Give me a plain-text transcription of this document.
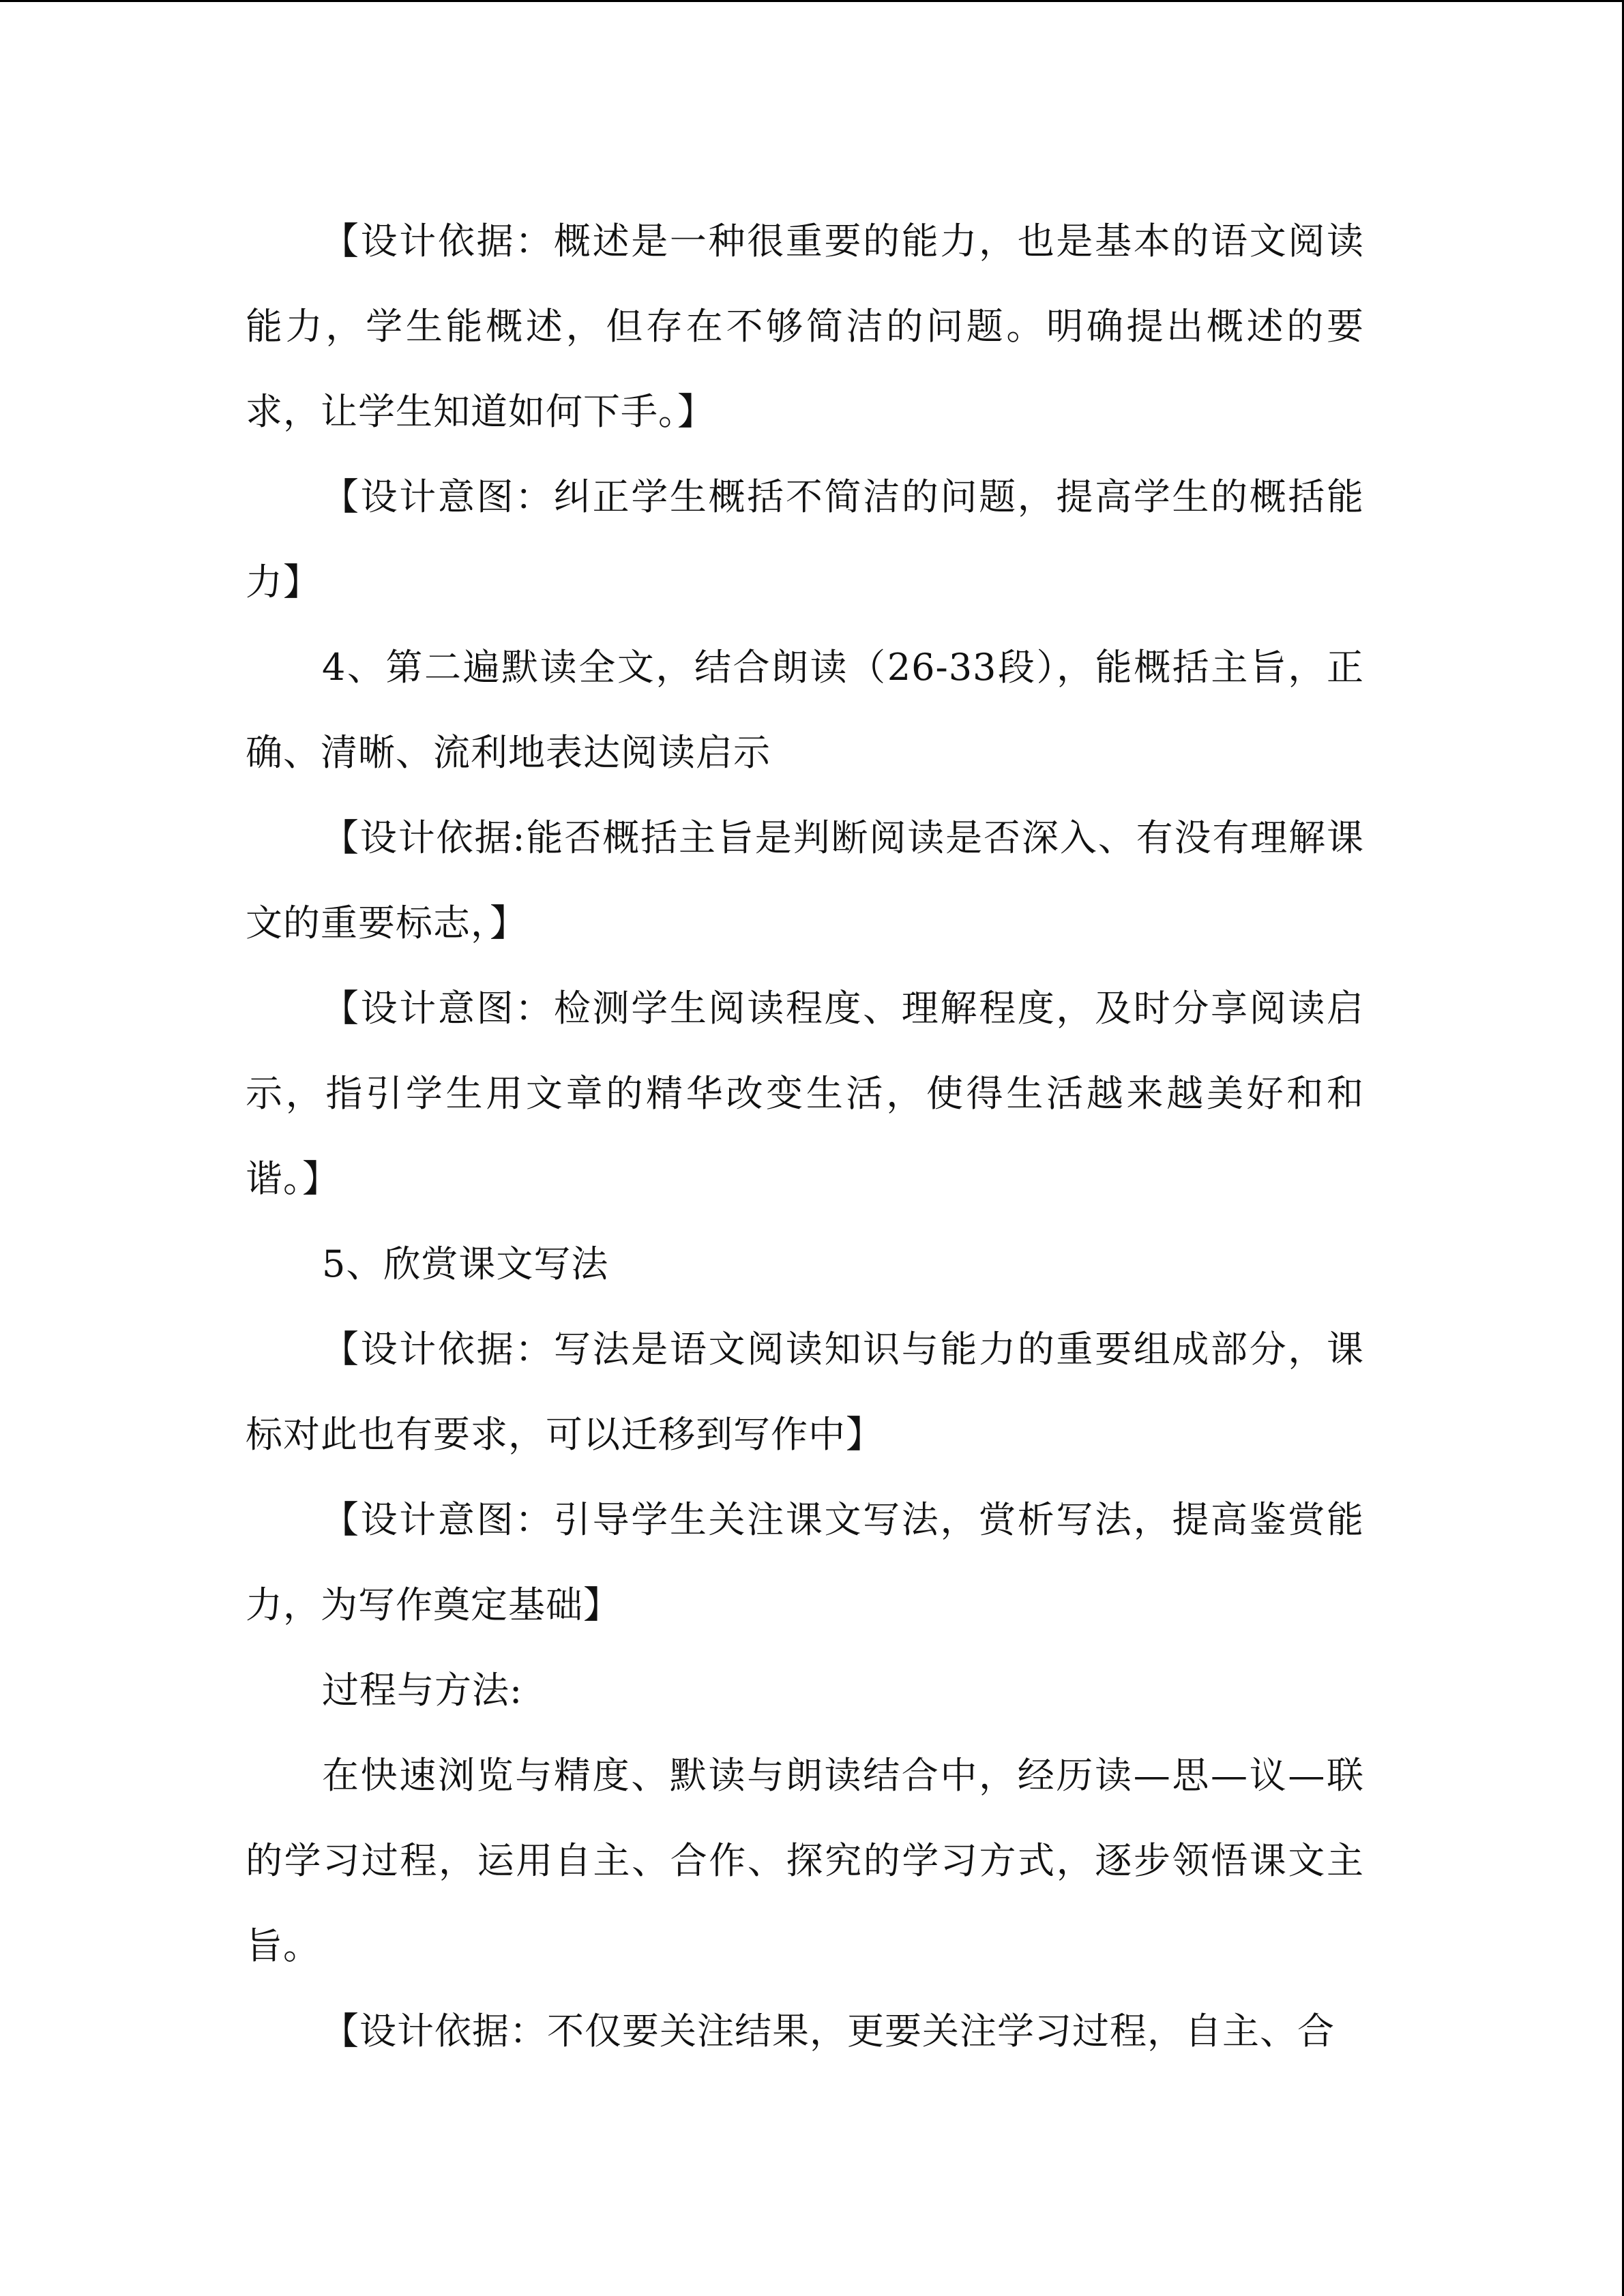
【设计依据：概述是一种很重要的能力，也是基本的语文阅读能力，学生能概述，但存在不够简洁的问题。明确提出概述的要求，让学生知道如何下手。】

【设计意图：纠正学生概括不简洁的问题，提高学生的概括能力】

4、第二遍默读全文，结合朗读（26-33段），能概括主旨，正确、清晰、流利地表达阅读启示

【设计依据:能否概括主旨是判断阅读是否深入、有没有理解课文的重要标志，】

【设计意图：检测学生阅读程度、理解程度，及时分享阅读启示，指引学生用文章的精华改变生活，使得生活越来越美好和和谐。】

5、欣赏课文写法

【设计依据：写法是语文阅读知识与能力的重要组成部分，课标对此也有要求，可以迁移到写作中】

【设计意图：引导学生关注课文写法，赏析写法，提高鉴赏能力，为写作奠定基础】

过程与方法:

在快速浏览与精度、默读与朗读结合中，经历读—思—议—联的学习过程，运用自主、合作、探究的学习方式，逐步领悟课文主旨。

【设计依据：不仅要关注结果，更要关注学习过程，自主、合
